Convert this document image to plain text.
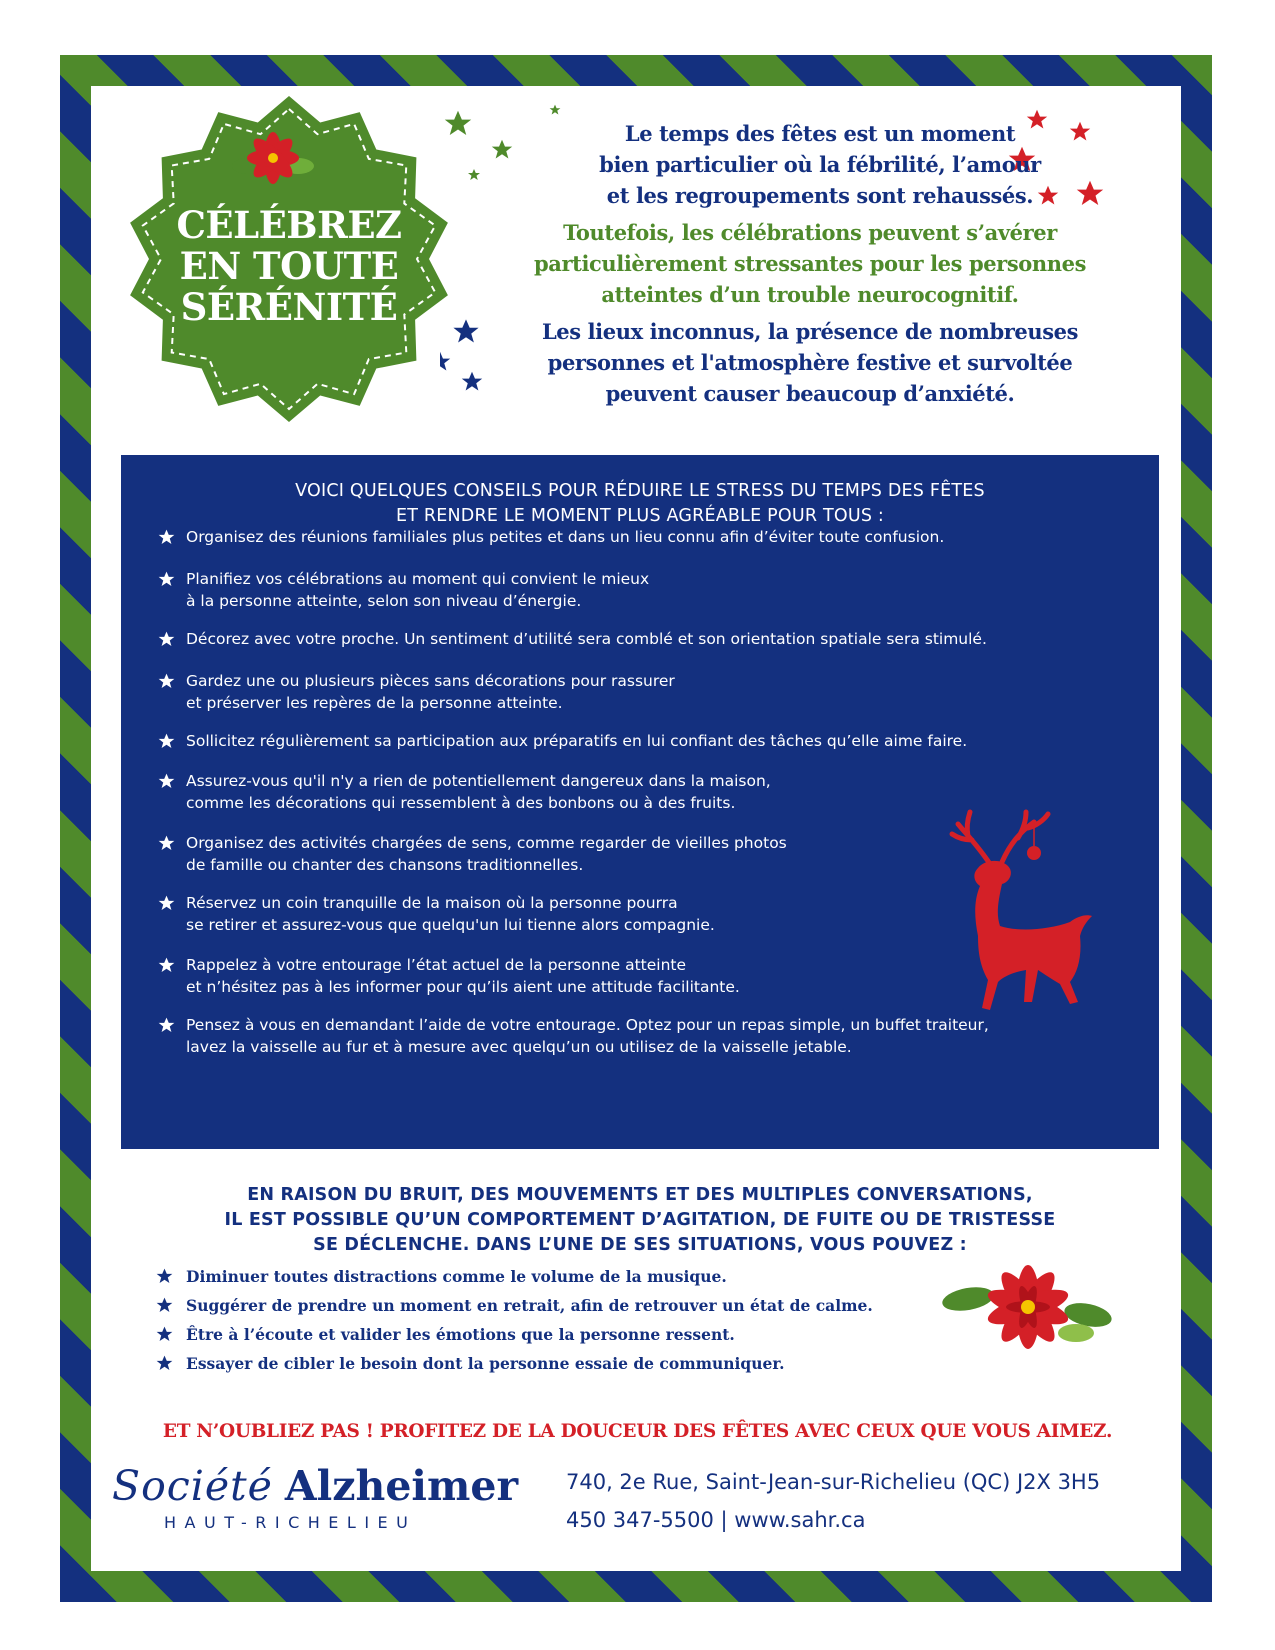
CÉLÉBREZ
EN TOUTE
SÉRÉNITÉ
Le temps des fêtes est un moment
bien particulier où la fébrilité, l’amour
et les regroupements sont rehaussés.
Toutefois, les célébrations peuvent s’avérer
particulièrement stressantes pour les personnes
atteintes d’un trouble neurocognitif.
Les lieux inconnus, la présence de nombreuses
personnes et l'atmosphère festive et survoltée
peuvent causer beaucoup d’anxiété.
VOICI QUELQUES CONSEILS POUR RÉDUIRE LE STRESS DU TEMPS DES FÊTES
ET RENDRE LE MOMENT PLUS AGRÉABLE POUR TOUS :
Organisez des réunions familiales plus petites et dans un lieu connu afin d’éviter toute confusion.
Planifiez vos célébrations au moment qui convient le mieux
à la personne atteinte, selon son niveau d’énergie.
Décorez avec votre proche. Un sentiment d’utilité sera comblé et son orientation spatiale sera stimulé.
Gardez une ou plusieurs pièces sans décorations pour rassurer
et préserver les repères de la personne atteinte.
Sollicitez régulièrement sa participation aux préparatifs en lui confiant des tâches qu’elle aime faire.
Assurez-vous qu'il n'y a rien de potentiellement dangereux dans la maison,
comme les décorations qui ressemblent à des bonbons ou à des fruits.
Organisez des activités chargées de sens, comme regarder de vieilles photos
de famille ou chanter des chansons traditionnelles.
Réservez un coin tranquille de la maison où la personne pourra
se retirer et assurez-vous que quelqu'un lui tienne alors compagnie.
Rappelez à votre entourage l’état actuel de la personne atteinte
et n’hésitez pas à les informer pour qu’ils aient une attitude facilitante.
Pensez à vous en demandant l’aide de votre entourage. Optez pour un repas simple, un buffet traiteur,
lavez la vaisselle au fur et à mesure avec quelqu’un ou utilisez de la vaisselle jetable.
EN RAISON DU BRUIT, DES MOUVEMENTS ET DES MULTIPLES CONVERSATIONS,
IL EST POSSIBLE QU’UN COMPORTEMENT D’AGITATION, DE FUITE OU DE TRISTESSE
SE DÉCLENCHE. DANS L’UNE DE SES SITUATIONS, VOUS POUVEZ :
Diminuer toutes distractions comme le volume de la musique.
Suggérer de prendre un moment en retrait, afin de retrouver un état de calme.
Être à l’écoute et valider les émotions que la personne ressent.
Essayer de cibler le besoin dont la personne essaie de communiquer.
ET N’OUBLIEZ PAS ! PROFITEZ DE LA DOUCEUR DES FÊTES AVEC CEUX QUE VOUS AIMEZ.
Société Alzheimer
HAUT-RICHELIEU
740, 2e Rue, Saint-Jean-sur-Richelieu (QC) J2X 3H5
450 347-5500 | www.sahr.ca
